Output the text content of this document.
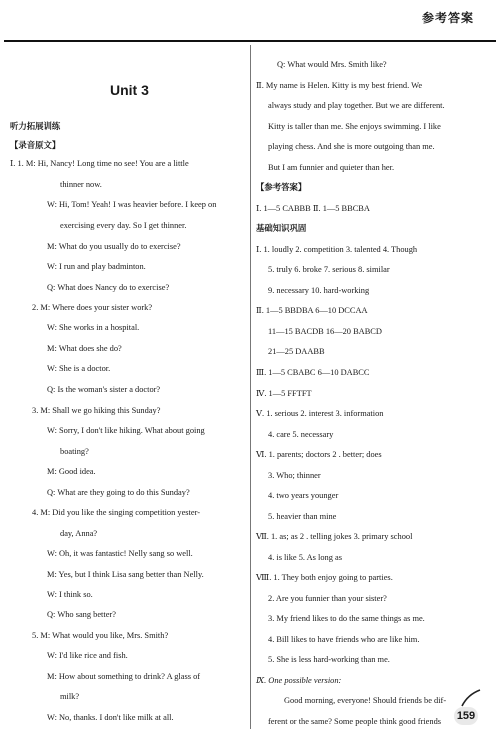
参考答案
Unit 3
听力拓展训练
【录音原文】
Ⅰ. 1. M: Hi, Nancy! Long time no see! You are a little
thinner now.
W: Hi, Tom! Yeah! I was heavier before. I keep on
exercising every day. So I get thinner.
M: What do you usually do to exercise?
W: I run and play badminton.
Q: What does Nancy do to exercise?
2. M: Where does your sister work?
W: She works in a hospital.
M: What does she do?
W: She is a doctor.
Q: Is the woman's sister a doctor?
3. M: Shall we go hiking this Sunday?
W: Sorry, I don't like hiking. What about going
boating?
M: Good idea.
Q: What are they going to do this Sunday?
4. M: Did you like the singing competition yester-
day, Anna?
W: Oh, it was fantastic! Nelly sang so well.
M: Yes, but I think Lisa sang better than Nelly.
W: I think so.
Q: Who sang better?
5. M: What would you like, Mrs. Smith?
W: I'd like rice and fish.
M: How about something to drink? A glass of
milk?
W: No, thanks. I don't like milk at all.
Q: What would Mrs. Smith like?
Ⅱ. My name is Helen. Kitty is my best friend. We
always study and play together. But we are different.
Kitty is taller than me. She enjoys swimming. I like
playing chess. And she is more outgoing than me.
But I am funnier and quieter than her.
【参考答案】
Ⅰ. 1—5 CABBB Ⅱ. 1—5 BBCBA
基础知识巩固
Ⅰ. 1. loudly 2. competition 3. talented 4. Though
5. truly 6. broke 7. serious 8. similar
9. necessary 10. hard-working
Ⅱ. 1—5 BBDBA 6—10 DCCAA
11—15 BACDB 16—20 BABCD
21—25 DAABB
Ⅲ. 1—5 CBABC 6—10 DABCC
Ⅳ. 1—5 FFTFT
Ⅴ. 1. serious 2. interest 3. information
4. care 5. necessary
Ⅵ. 1. parents; doctors 2 . better; does
3. Who; thinner
4. two years younger
5. heavier than mine
Ⅶ. 1. as; as 2 . telling jokes 3. primary school
4. is like 5. As long as
Ⅷ. 1. They both enjoy going to parties.
2. Are you funnier than your sister?
3. My friend likes to do the same things as me.
4. Bill likes to have friends who are like him.
5. She is less hard-working than me.
Ⅸ. One possible version:
Good morning, everyone! Should friends be dif-
ferent or the same? Some people think good friends 159
